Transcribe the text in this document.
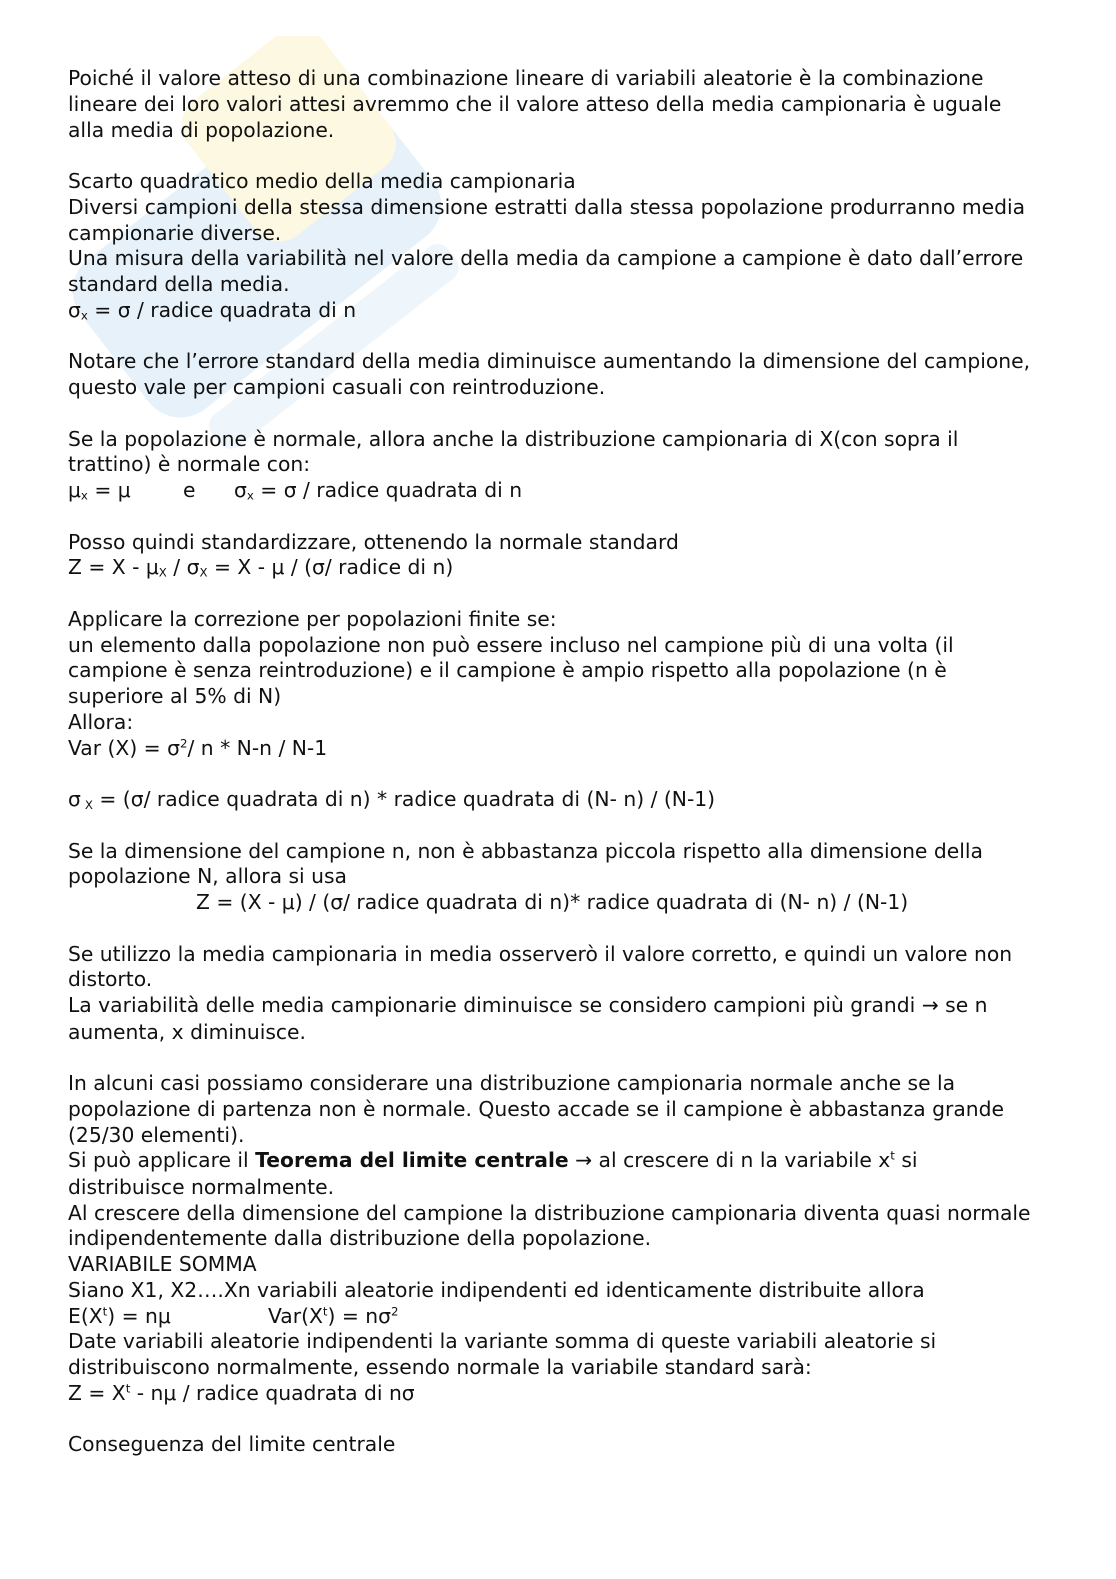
Poiché il valore atteso di una combinazione lineare di variabili aleatorie è la combinazione
lineare dei loro valori attesi avremmo che il valore atteso della media campionaria è uguale
alla media di popolazione.
Scarto quadratico medio della media campionaria
Diversi campioni della stessa dimensione estratti dalla stessa popolazione produrranno media
campionarie diverse.
Una misura della variabilità nel valore della media da campione a campione è dato dall’errore
standard della media.
$\sigma_x = \sigma$ / radice quadrata di n
Notare che l’errore standard della media diminuisce aumentando la dimensione del campione,
questo vale per campioni casuali con reintroduzione.
Se la popolazione è normale, allora anche la distribuzione campionaria di X(con sopra il
trattino) è normale con:
$\mu_x = \mu$	e $\sigma_x = \sigma$ / radice quadrata di n
Posso quindi standardizzare, ottenendo la normale standard
$Z = X - \mu_X / \sigma_X = X - \mu / (\sigma/$ radice di n)
Applicare la correzione per popolazioni finite se:
un elemento dalla popolazione non può essere incluso nel campione più di una volta (il
campione è senza reintroduzione) e il campione è ampio rispetto alla popolazione (n è
superiore al 5% di N)
Allora:
Var $(X) = \sigma^2/$ n * N-n / N-1
σ $_X$ = (σ/ radice quadrata di n) * radice quadrata di (N- n) / (N-1)
Se la dimensione del campione n, non è abbastanza piccola rispetto alla dimensione della
popolazione N, allora si usa
Z = (X - μ) / (σ/ radice quadrata di n)* radice quadrata di (N- n) / (N-1)
Se utilizzo la media campionaria in media osserverò il valore corretto, e quindi un valore non
distorto.
La variabilità delle media campionarie diminuisce se considero campioni più grandi → se n
aumenta, x diminuisce.
In alcuni casi possiamo considerare una distribuzione campionaria normale anche se la
popolazione di partenza non è normale. Questo accade se il campione è abbastanza grande
(25/30 elementi).
Si può applicare il Teorema del limite centrale → al crescere di n la variabile $x^t$ si
distribuisce normalmente.
Al crescere della dimensione del campione la distribuzione campionaria diventa quasi normale
indipendentemente dalla distribuzione della popolazione.
VARIABILE SOMMA
Siano X1, X2….Xn variabili aleatorie indipendenti ed identicamente distribuite allora
$E(X^t) = n\mu$	$Var(X^t) = n\sigma^2$
Date variabili aleatorie indipendenti la variante somma di queste variabili aleatorie si
distribuiscono normalmente, essendo normale la variabile standard sarà:
$Z = X^t - n\mu$ / radice quadrata di nσ
Conseguenza del limite centrale
